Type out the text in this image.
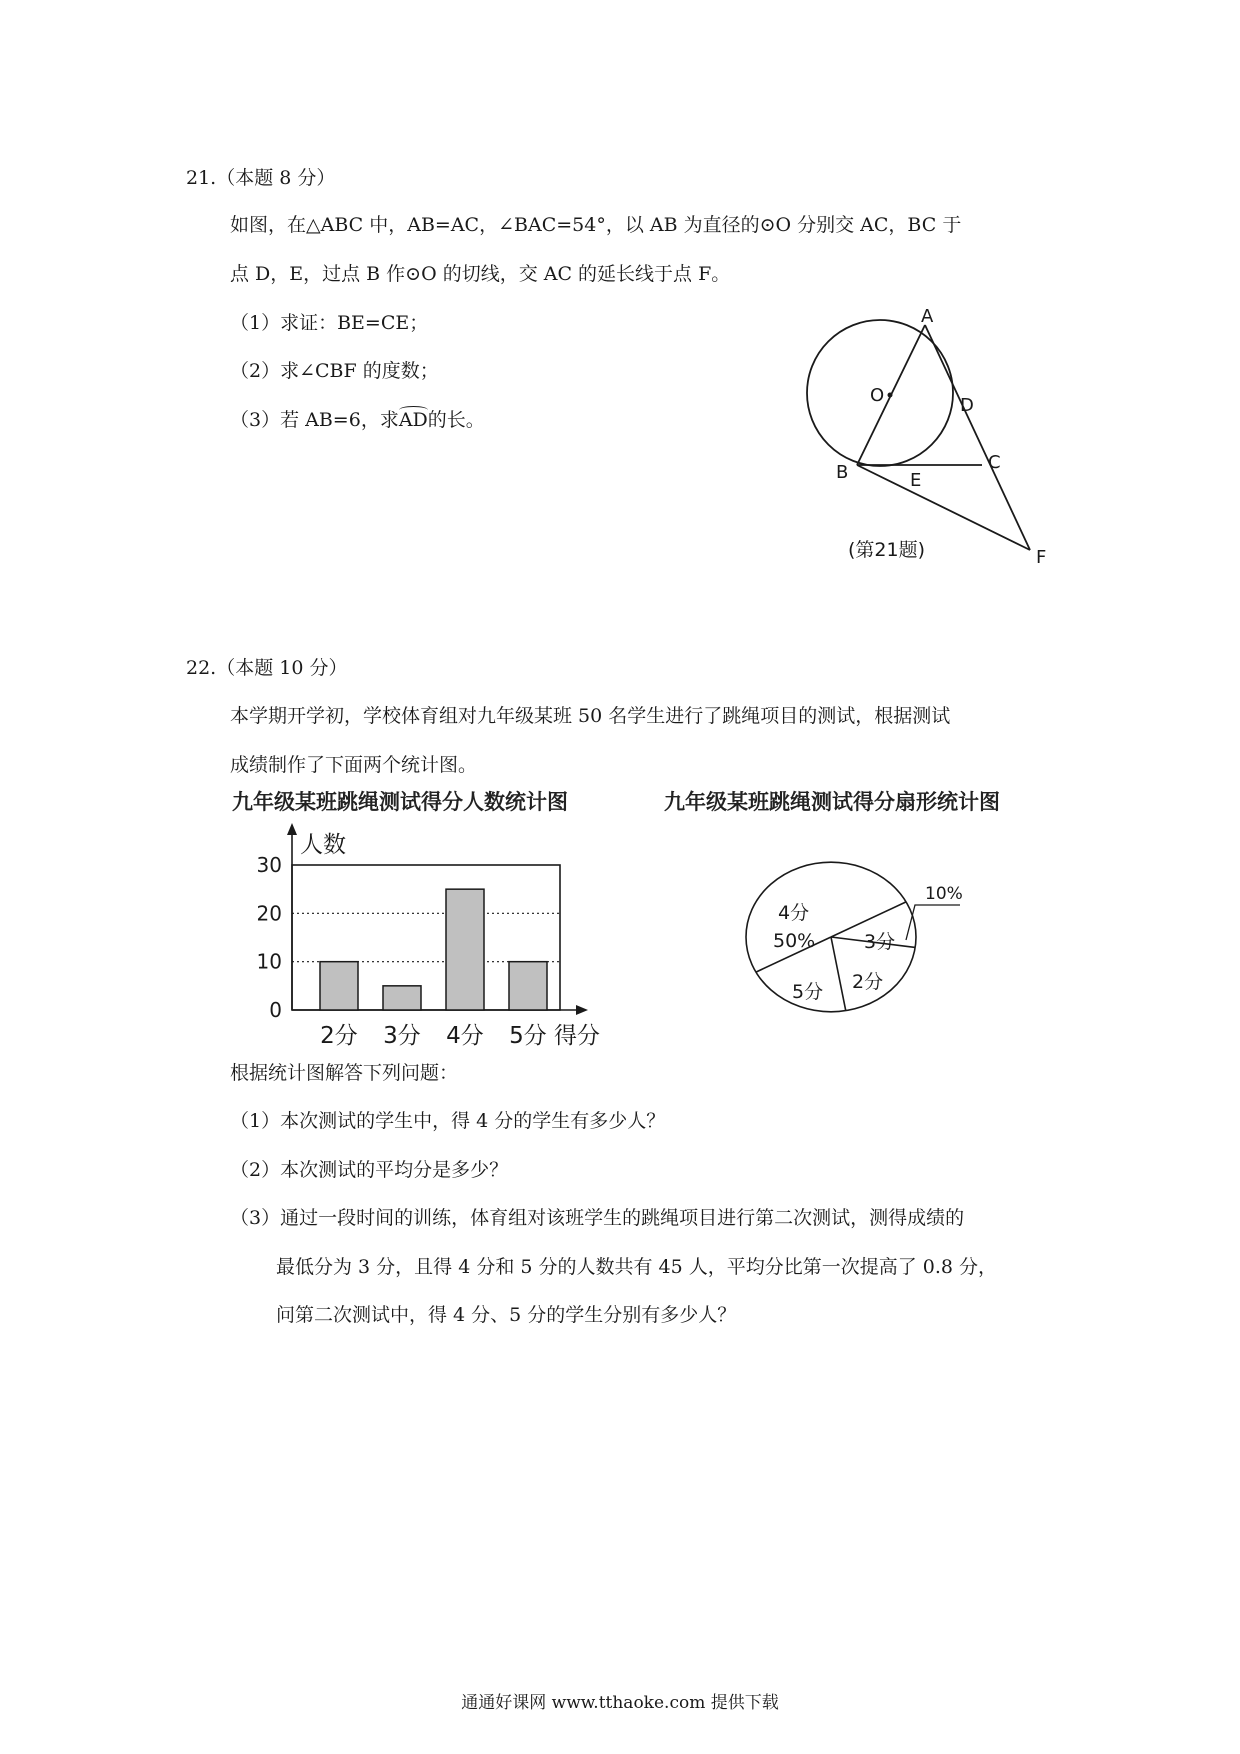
21.（本题 8 分）
如图，在△ABC 中，AB=AC，∠BAC=54°，以 AB 为直径的⊙O 分别交 AC，BC 于
点 D，E，过点 B 作⊙O 的切线，交 AC 的延长线于点 F。
（1）求证：BE=CE；
（2）求∠CBF 的度数；
（3）若 AB=6，求AD的长。
A
O	D
B	E
C
F
(第21题)
22.（本题 10 分）
本学期开学初，学校体育组对九年级某班 50 名学生进行了跳绳项目的测试，根据测试
成绩制作了下面两个统计图。
九年级某班跳绳测试得分人数统计图	九年级某班跳绳测试得分扇形统计图
人数
得分
0
10
20
30
2分 3分 4分 5分
4分
50%	3分
2分
5分
10%
根据统计图解答下列问题：
（1）本次测试的学生中，得 4 分的学生有多少人？
（2）本次测试的平均分是多少？
（3）通过一段时间的训练，体育组对该班学生的跳绳项目进行第二次测试，测得成绩的
最低分为 3 分，且得 4 分和 5 分的人数共有 45 人，平均分比第一次提高了 0.8 分，
问第二次测试中，得 4 分、5 分的学生分别有多少人？
通通好课网 www.tthaoke.com 提供下载
